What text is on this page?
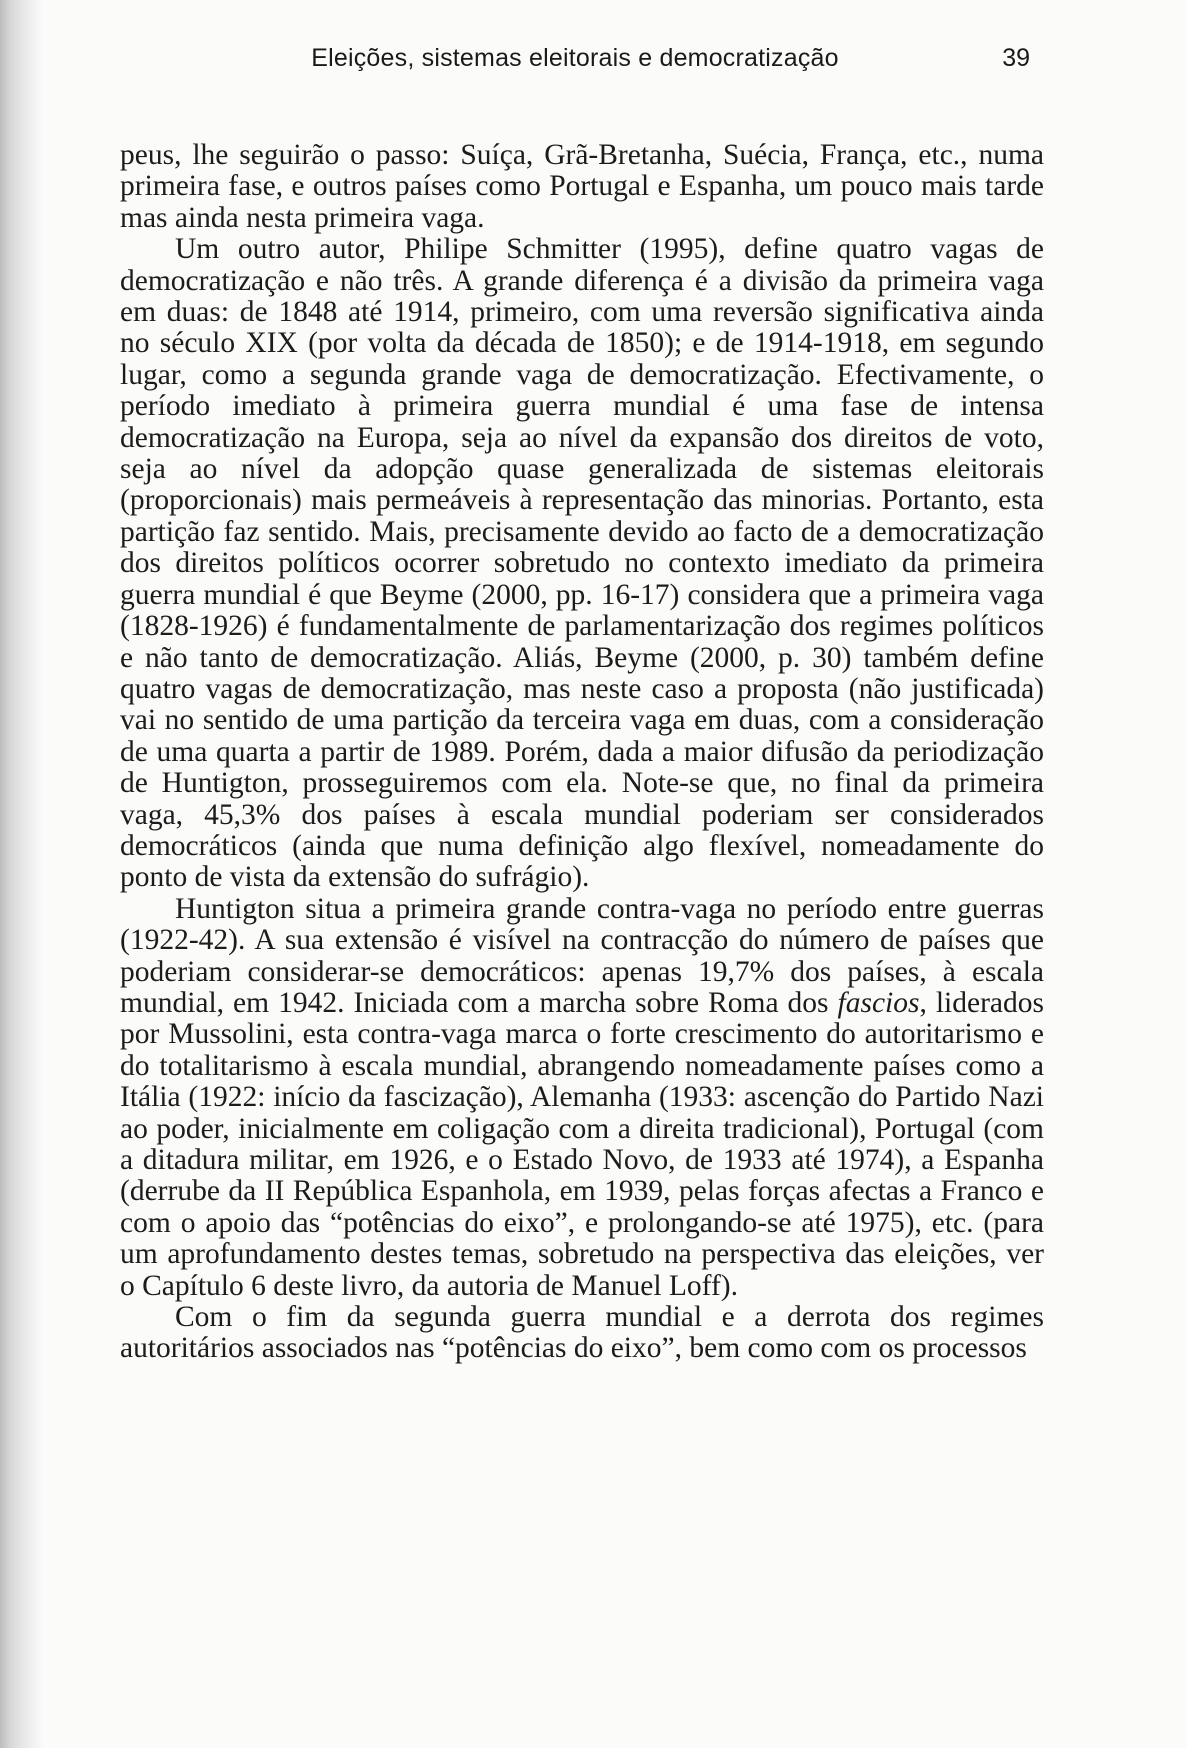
Eleições, sistemas eleitorais e democratização	39

peus, lhe seguirão o passo: Suíça, Grã-Bretanha, Suécia, França, etc., numa primeira fase, e outros países como Portugal e Espanha, um pouco mais tarde mas ainda nesta primeira vaga.

Um outro autor, Philipe Schmitter (1995), define quatro vagas de democratização e não três. A grande diferença é a divisão da primeira vaga em duas: de 1848 até 1914, primeiro, com uma reversão significativa ainda no século XIX (por volta da década de 1850); e de 1914-1918, em segundo lugar, como a segunda grande vaga de democratização. Efectivamente, o período imediato à primeira guerra mundial é uma fase de intensa democratização na Europa, seja ao nível da expansão dos direitos de voto, seja ao nível da adopção quase generalizada de sistemas eleitorais (proporcionais) mais permeáveis à representação das minorias. Portanto, esta partição faz sentido. Mais, precisamente devido ao facto de a democratização dos direitos políticos ocorrer sobretudo no contexto imediato da primeira guerra mundial é que Beyme (2000, pp. 16-17) considera que a primeira vaga (1828-1926) é fundamentalmente de parlamentarização dos regimes políticos e não tanto de democratização. Aliás, Beyme (2000, p. 30) também define quatro vagas de democratização, mas neste caso a proposta (não justificada) vai no sentido de uma partição da terceira vaga em duas, com a consideração de uma quarta a partir de 1989. Porém, dada a maior difusão da periodização de Huntigton, prosseguiremos com ela. Note-se que, no final da primeira vaga, 45,3% dos países à escala mundial poderiam ser considerados democráticos (ainda que numa definição algo flexível, nomeadamente do ponto de vista da extensão do sufrágio).

Huntigton situa a primeira grande contra-vaga no período entre guerras (1922-42). A sua extensão é visível na contracção do número de países que poderiam considerar-se democráticos: apenas 19,7% dos países, à escala mundial, em 1942. Iniciada com a marcha sobre Roma dos fascios, liderados por Mussolini, esta contra-vaga marca o forte crescimento do autoritarismo e do totalitarismo à escala mundial, abrangendo nomeadamente países como a Itália (1922: início da fascização), Alemanha (1933: ascenção do Partido Nazi ao poder, inicialmente em coligação com a direita tradicional), Portugal (com a ditadura militar, em 1926, e o Estado Novo, de 1933 até 1974), a Espanha (derrube da II República Espanhola, em 1939, pelas forças afectas a Franco e com o apoio das “potências do eixo”, e prolongando-se até 1975), etc. (para um aprofundamento destes temas, sobretudo na perspectiva das eleições, ver o Capítulo 6 deste livro, da autoria de Manuel Loff).

Com o fim da segunda guerra mundial e a derrota dos regimes autoritários associados nas “potências do eixo”, bem como com os processos
